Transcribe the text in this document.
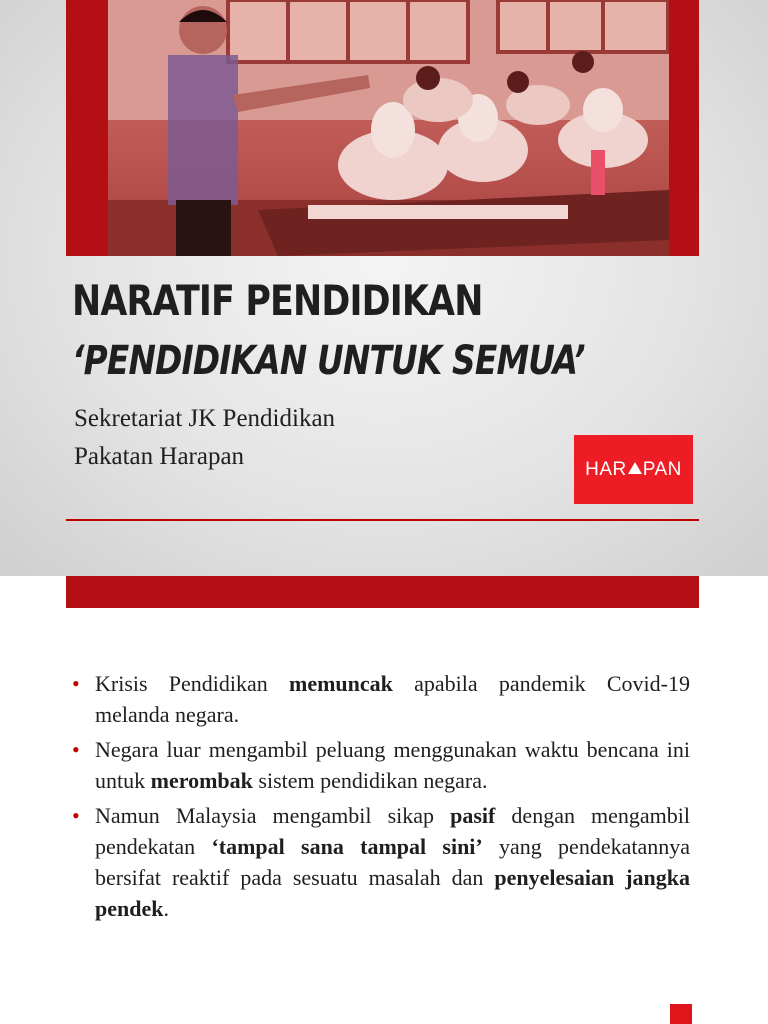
NARATIF PENDIDIKAN
‘PENDIDIKAN UNTUK SEMUA’
Sekretariat JK Pendidikan
Pakatan Harapan	HAR PAN
• Krisis Pendidikan memuncak apabila pandemik Covid-19 melanda negara.
• Negara luar mengambil peluang menggunakan waktu bencana ini untuk merombak sistem pendidikan negara.
• Namun Malaysia mengambil sikap pasif dengan mengambil pendekatan ‘tampal sana tampal sini’ yang pendekatannya bersifat reaktif pada sesuatu masalah dan penyelesaian jangka pendek.
